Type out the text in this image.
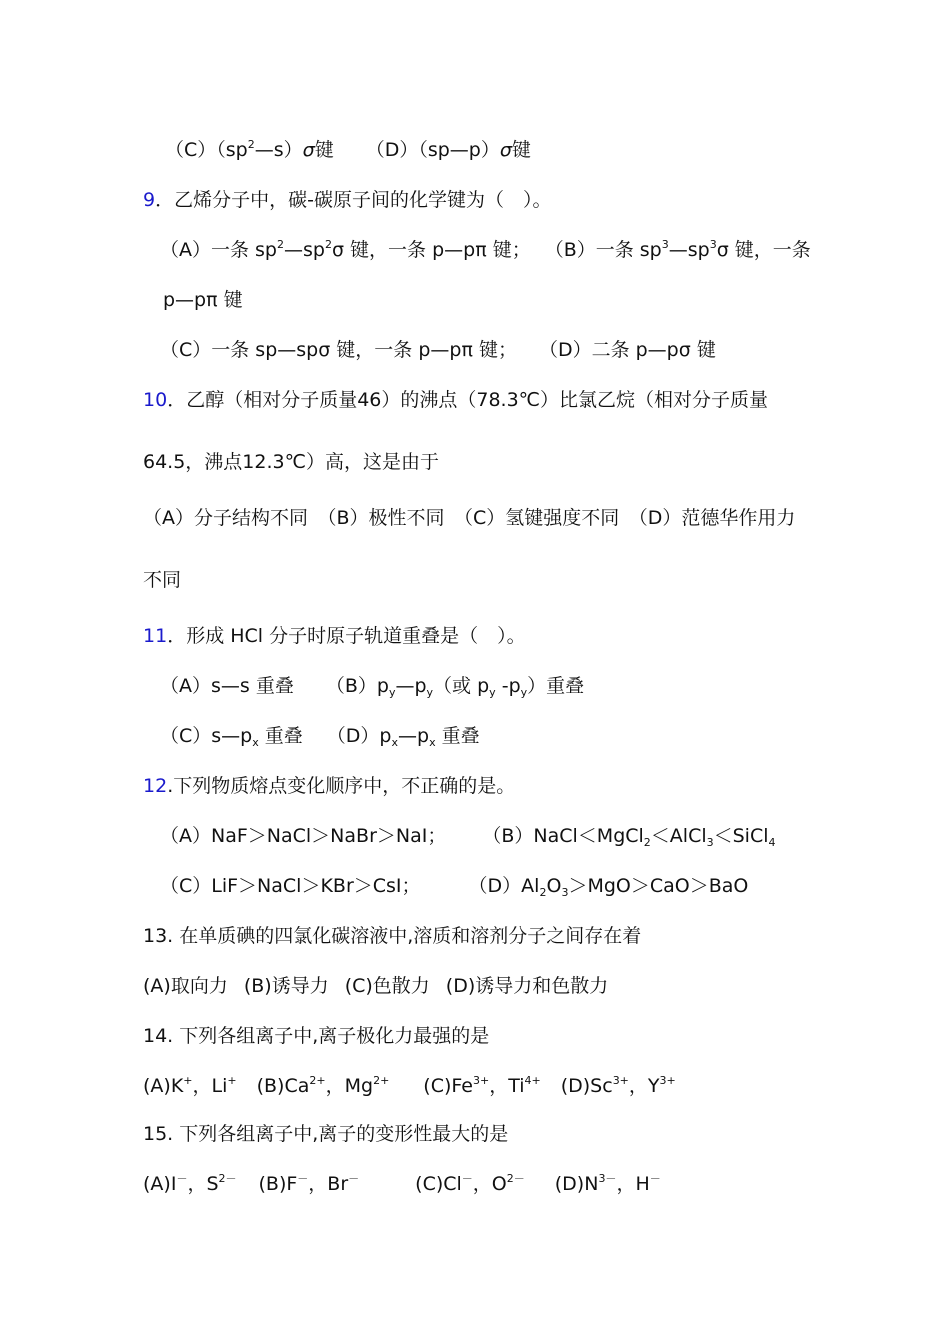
$(C)(sp^2—s)\sigma$键 （D）（sp—p）σ键
9．乙烯分子中，碳-碳原子间的化学键为（　）。
（A）一条 $sp^2—sp^2\sigma$ 键，一条 p—pπ 键； （B）一条 $sp^3—sp^3\sigma$ 键，一条
p—pπ 键
（C）一条 sp—spσ 键，一条 p—pπ 键； （D）二条 p—pσ 键
10．乙醇（相对分子质量46）的沸点（78.3℃）比氯乙烷（相对分子质量
64.5，沸点12.3℃）高，这是由于
（A）分子结构不同　（B）极性不同　（C）氢键强度不同　（D）范德华作用力
不同
11．形成 HCl 分子时原子轨道重叠是（　）。
（A）s—s 重叠 $(B)p_y—p_y$（或 $p_y$ $-p_y$）重叠
$(C)s—p_x$ 重叠 $(D)p_x—p_x$ 重叠
12.下列物质熔点变化顺序中，不正确的是。
（A）NaF＞NaCl＞NaBr＞NaI； （B）NaCl＜MgCl$_2$＜AlCl$_3$＜SiCl$_4$
（C）LiF＞NaCl＞KBr＞CsI；	$(D)Al_2O_3>MgO>CaO>BaO$
13. 在单质碘的四氯化碳溶液中,溶质和溶剂分子之间存在着
(A)取向力 (B)诱导力 (C)色散力 (D)诱导力和色散力
14. 下列各组离子中,离子极化力最强的是
(A)K+，Li+ $(B)Ca^{2+}$，$Mg^{2+}$ $(C)Fe^{3+}$，$Ti^{4+}$ $(D)Sc^{3+}$，$Y^{3+}$
15. 下列各组离子中,离子的变形性最大的是
(A)I－，$S^{2-}$ (B)F－，Br－	(C)Cl－，$O^{2-}$ $(D)N^{3-}$，H－
